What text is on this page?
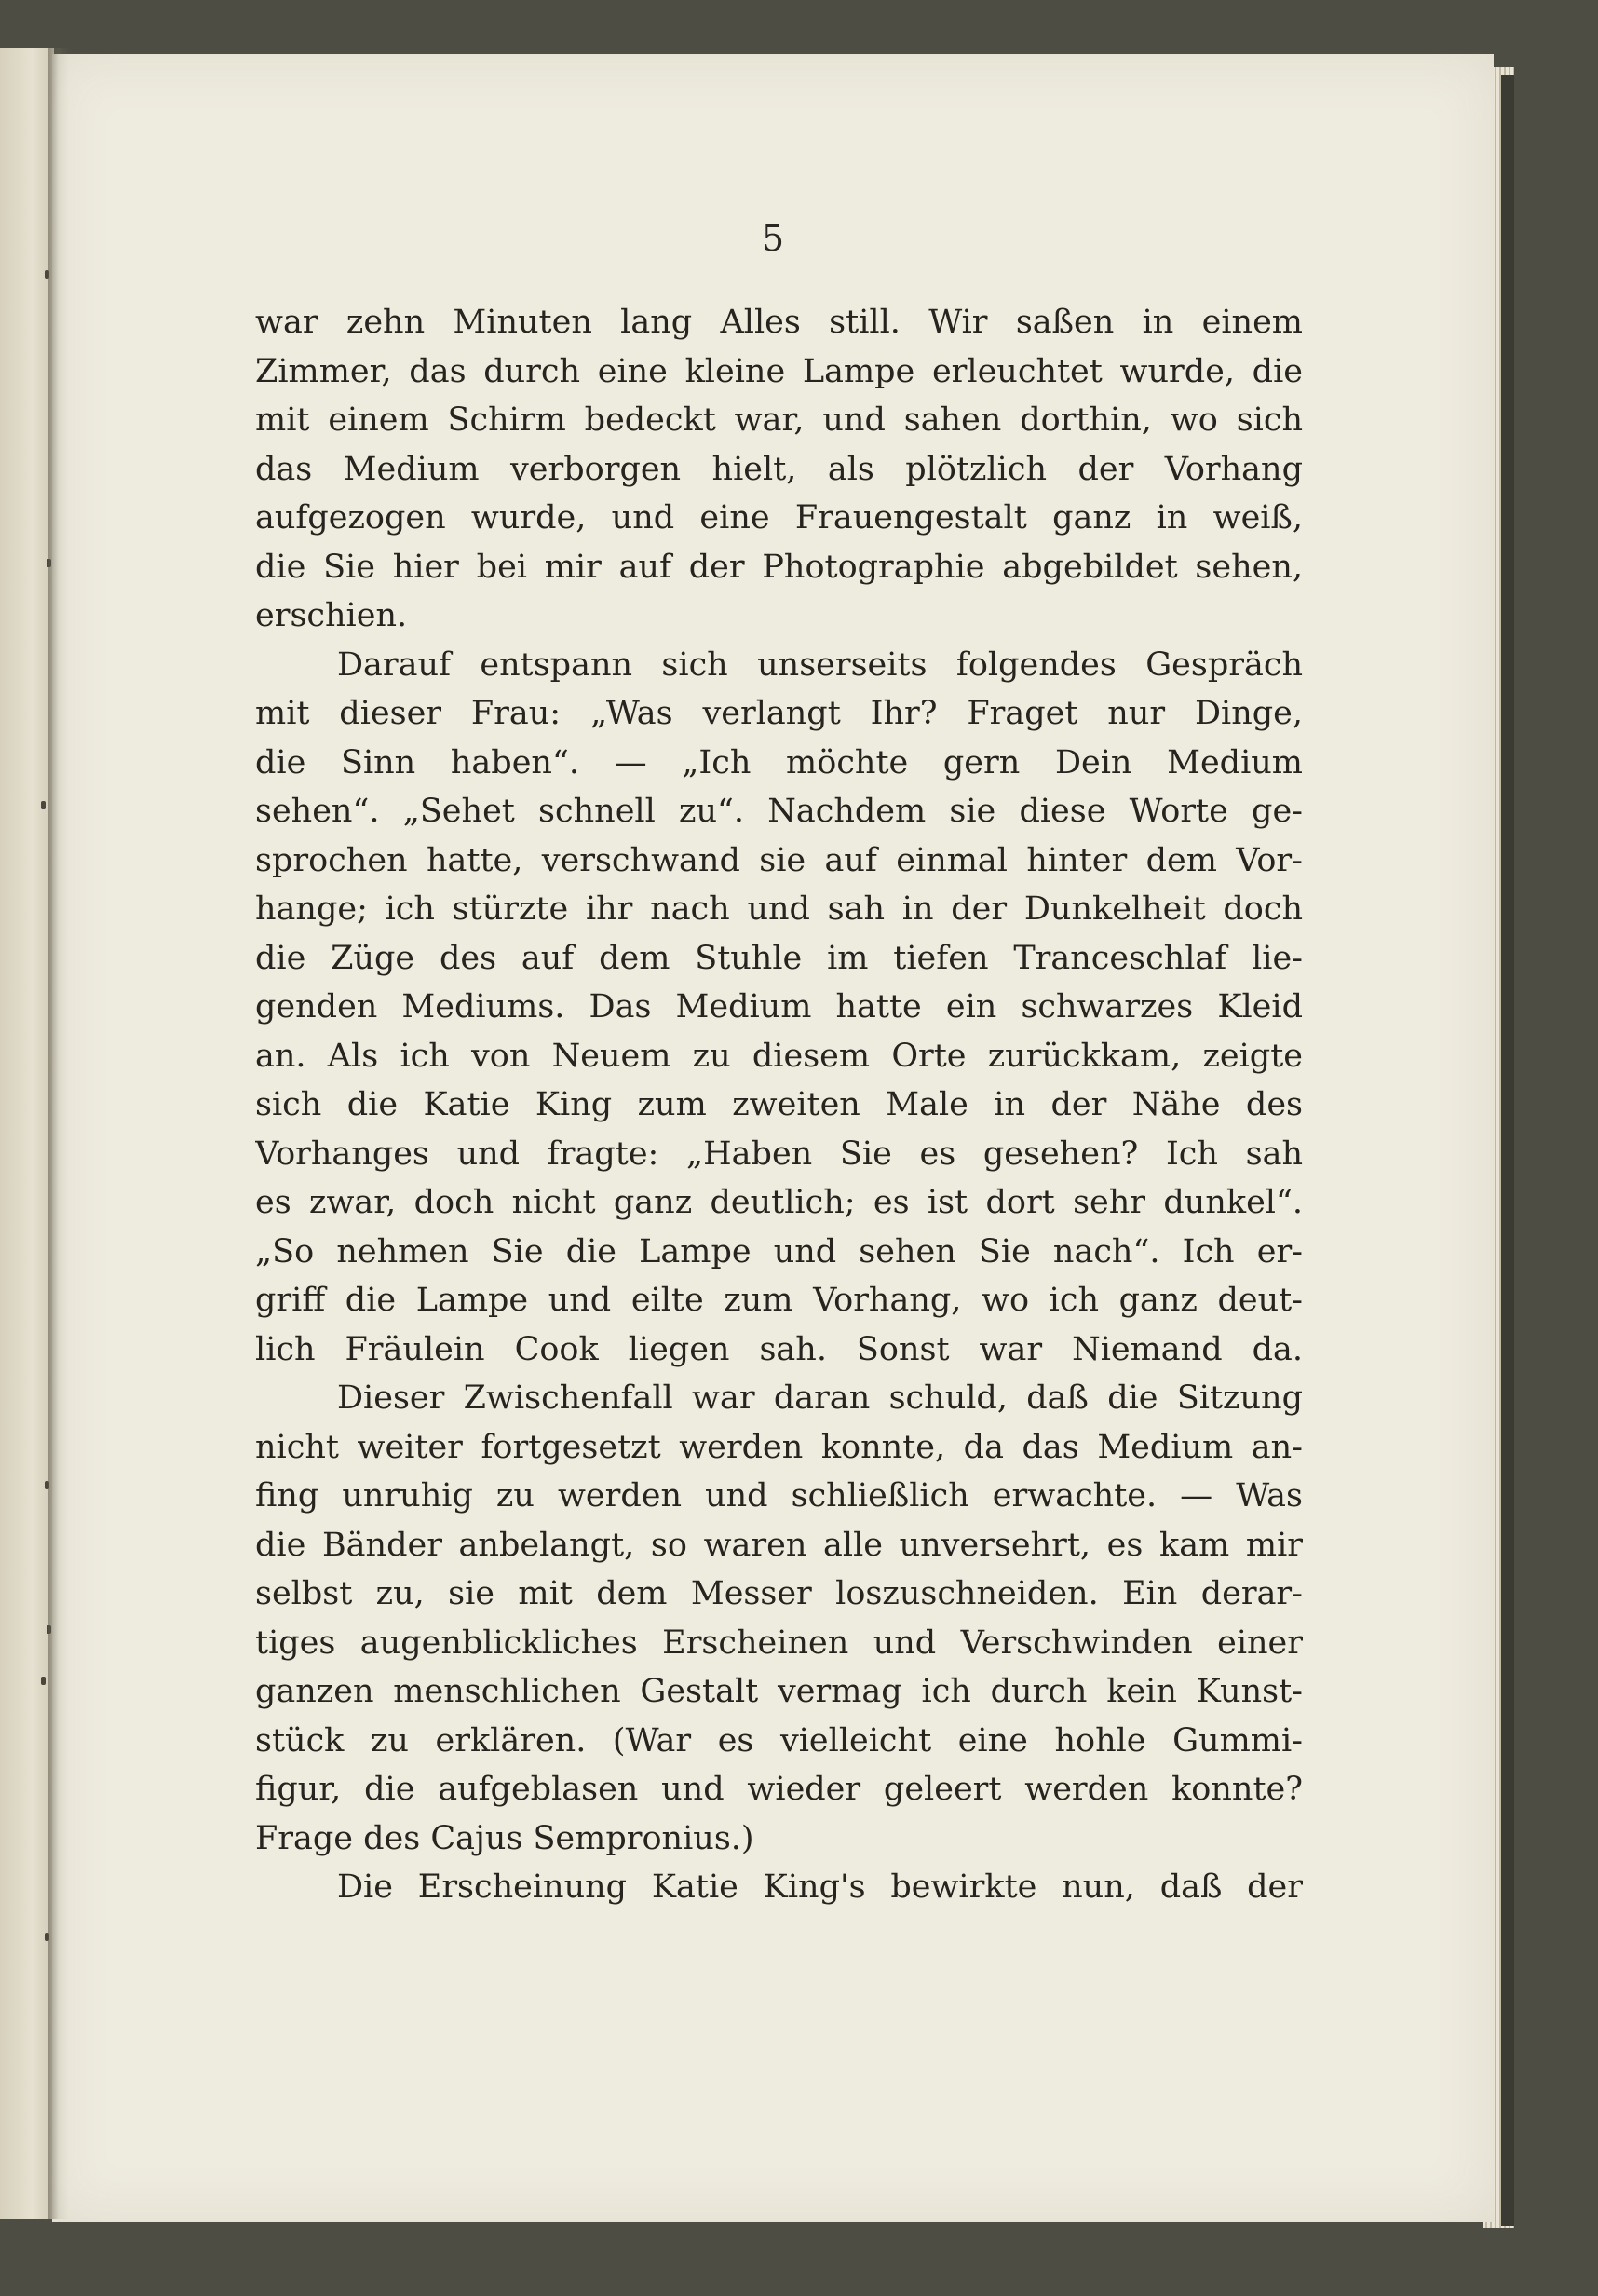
5
war zehn Minuten lang Alles still. Wir saßen in einem
Zimmer, das durch eine kleine Lampe erleuchtet wurde, die
mit einem Schirm bedeckt war, und sahen dorthin, wo sich
das Medium verborgen hielt, als plötzlich der Vorhang
aufgezogen wurde, und eine Frauengestalt ganz in weiß,
die Sie hier bei mir auf der Photographie abgebildet sehen,
erschien.
Darauf entspann sich unserseits folgendes Gespräch
mit dieser Frau: „Was verlangt Ihr? Fraget nur Dinge,
die Sinn haben“. — „Ich möchte gern Dein Medium
sehen“. „Sehet schnell zu“. Nachdem sie diese Worte ge-
sprochen hatte, verschwand sie auf einmal hinter dem Vor-
hange; ich stürzte ihr nach und sah in der Dunkelheit doch
die Züge des auf dem Stuhle im tiefen Tranceschlaf lie-
genden Mediums. Das Medium hatte ein schwarzes Kleid
an. Als ich von Neuem zu diesem Orte zurückkam, zeigte
sich die Katie King zum zweiten Male in der Nähe des
Vorhanges und fragte: „Haben Sie es gesehen? Ich sah
es zwar, doch nicht ganz deutlich; es ist dort sehr dunkel“.
„So nehmen Sie die Lampe und sehen Sie nach“. Ich er-
griff die Lampe und eilte zum Vorhang, wo ich ganz deut-
lich Fräulein Cook liegen sah. Sonst war Niemand da.
Dieser Zwischenfall war daran schuld, daß die Sitzung
nicht weiter fortgesetzt werden konnte, da das Medium an-
fing unruhig zu werden und schließlich erwachte. — Was
die Bänder anbelangt, so waren alle unversehrt, es kam mir
selbst zu, sie mit dem Messer loszuschneiden. Ein derar-
tiges augenblickliches Erscheinen und Verschwinden einer
ganzen menschlichen Gestalt vermag ich durch kein Kunst-
stück zu erklären. (War es vielleicht eine hohle Gummi-
figur, die aufgeblasen und wieder geleert werden konnte?
Frage des Cajus Sempronius.)
Die Erscheinung Katie King's bewirkte nun, daß der
